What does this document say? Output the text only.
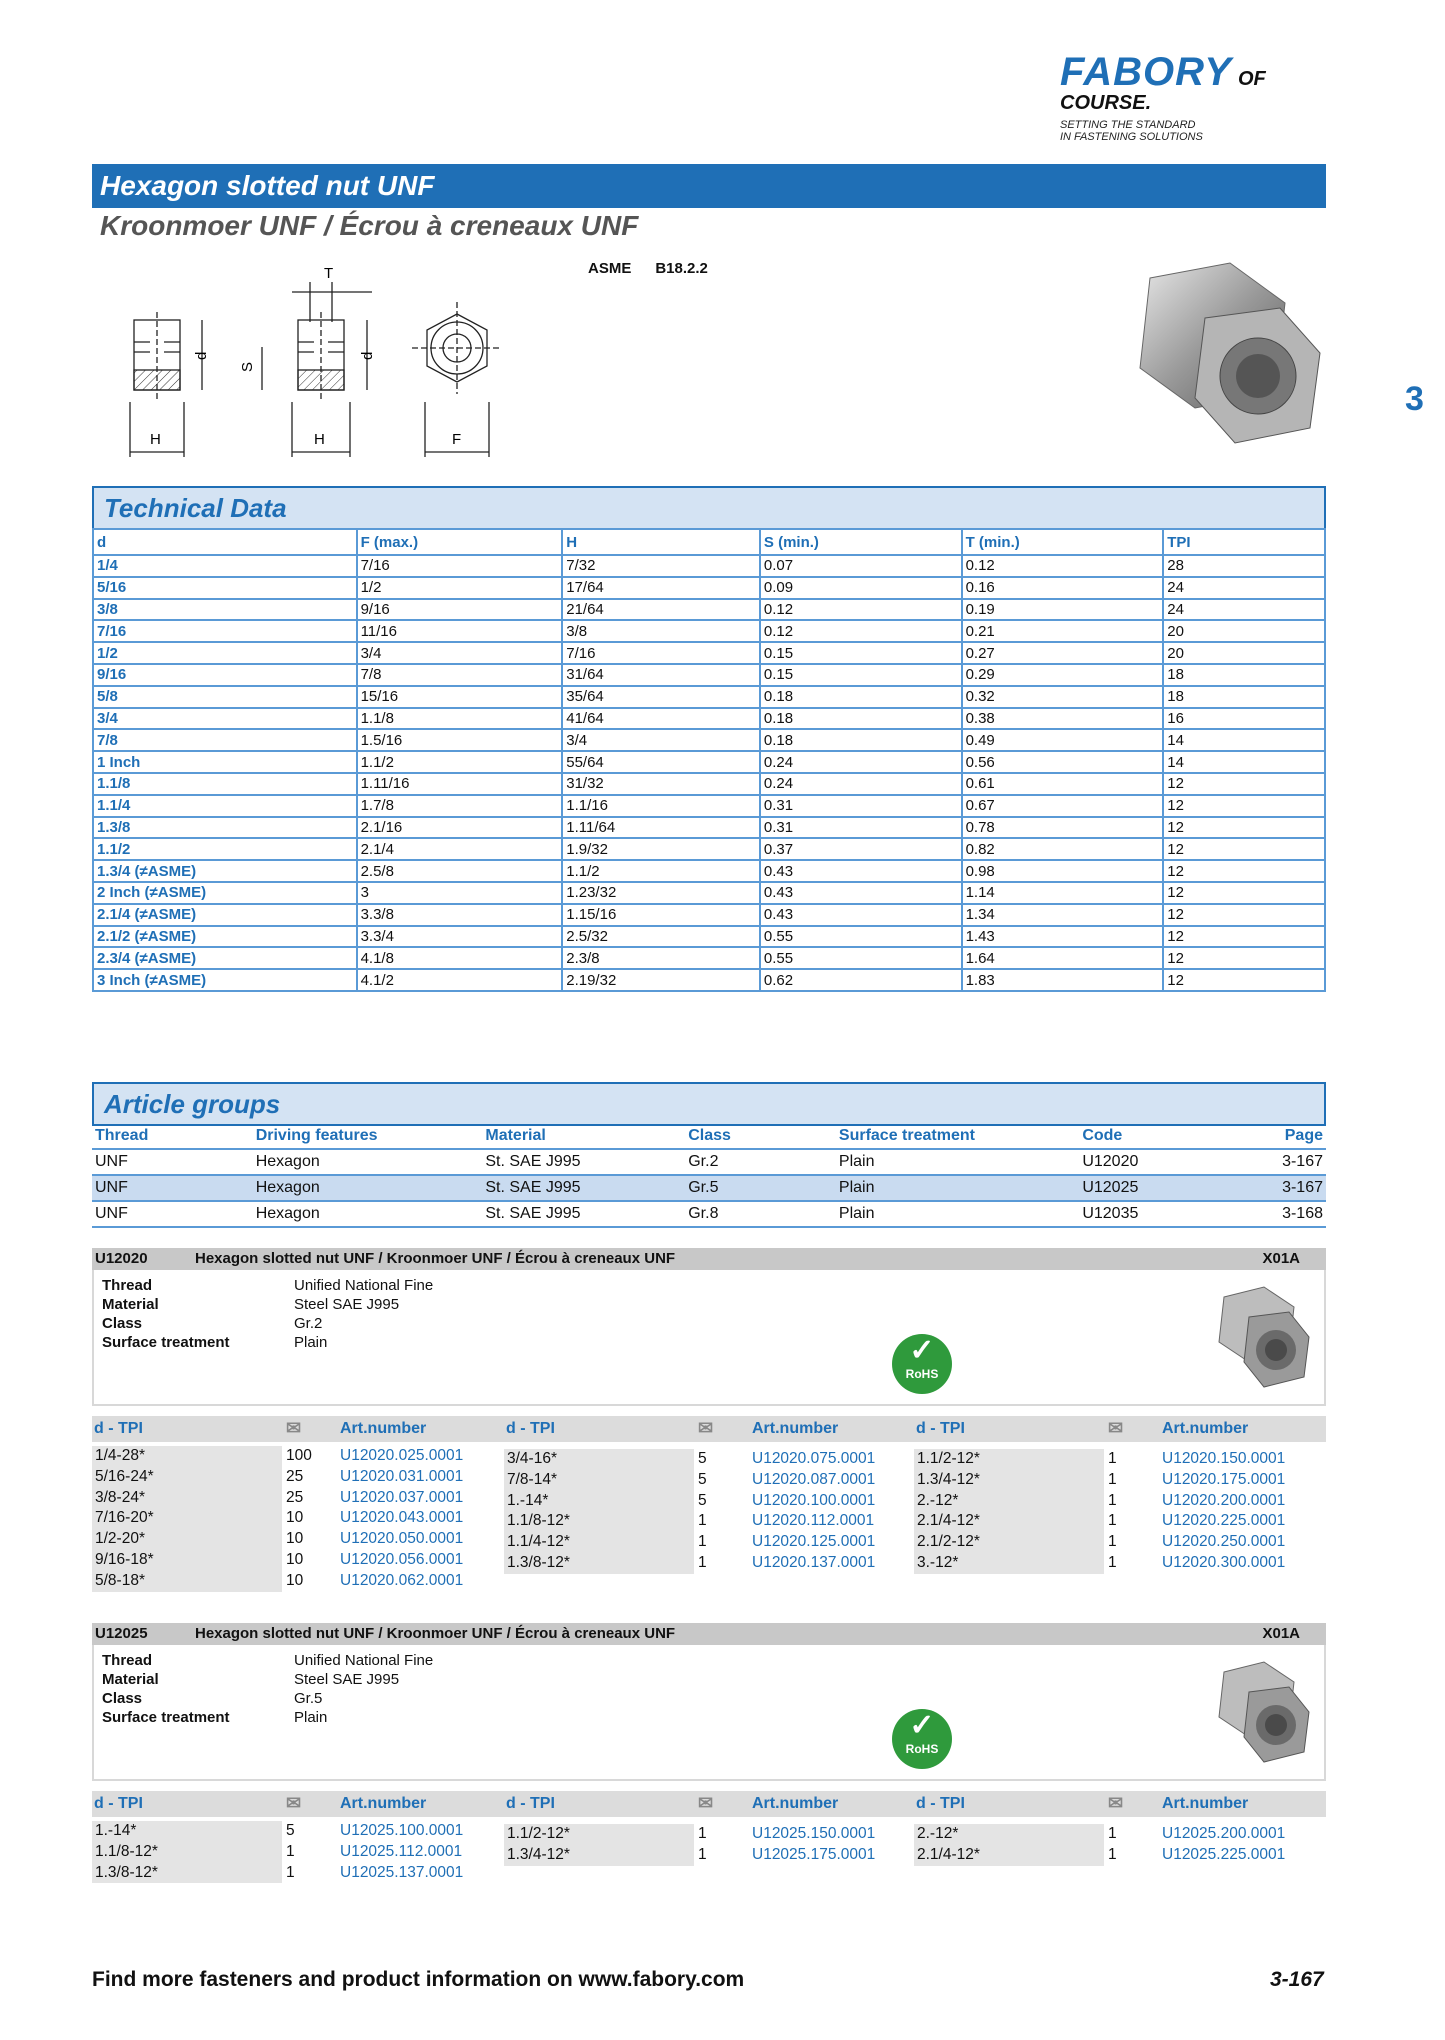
FABORY OF COURSE.
SETTING THE STANDARD
IN FASTENING SOLUTIONS
3
Hexagon slotted nut UNF
Kroonmoer UNF / Écrou à creneaux UNF
ASME B18.2.2
T
d
S
d
H	H	F
Technical Data
d	F (max.)	H	S (min.)	T (min.)	TPI
1/4	7/16	7/32	0.07	0.12	28
5/16	1/2	17/64	0.09	0.16	24
3/8	9/16	21/64	0.12	0.19	24
7/16	11/16	3/8	0.12	0.21	20
1/2	3/4	7/16	0.15	0.27	20
9/16	7/8	31/64	0.15	0.29	18
5/8	15/16	35/64	0.18	0.32	18
3/4	1.1/8	41/64	0.18	0.38	16
7/8	1.5/16	3/4	0.18	0.49	14
1 Inch	1.1/2	55/64	0.24	0.56	14
1.1/8	1.11/16	31/32	0.24	0.61	12
1.1/4	1.7/8	1.1/16	0.31	0.67	12
1.3/8	2.1/16	1.11/64	0.31	0.78	12
1.1/2	2.1/4	1.9/32	0.37	0.82	12
1.3/4 (≠ASME)	2.5/8	1.1/2	0.43	0.98	12
2 Inch (≠ASME)	3	1.23/32	0.43	1.14	12
2.1/4 (≠ASME)	3.3/8	1.15/16	0.43	1.34	12
2.1/2 (≠ASME)	3.3/4	2.5/32	0.55	1.43	12
2.3/4 (≠ASME)	4.1/8	2.3/8	0.55	1.64	12
3 Inch (≠ASME)	4.1/2	2.19/32	0.62	1.83	12
Article groups
Thread	Driving features	Material	Class	Surface treatment	Code	Page
UNF	Hexagon	St. SAE J995	Gr.2	Plain	U12020	3-167
UNF	Hexagon	St. SAE J995	Gr.5	Plain	U12025	3-167
UNF	Hexagon	St. SAE J995	Gr.8	Plain	U12035	3-168
U12020	Hexagon slotted nut UNF / Kroonmoer UNF / Écrou à creneaux UNF	X01A
Thread	Unified National Fine
Material	Steel SAE J995
Class	Gr.2
Surface treatment	Plain	✓
RoHS
d - TPI	✉ Art.number	d - TPI	✉ Art.number	d - TPI	✉ Art.number
1/4-28*	100	U12020.025.0001
5/16-24*	25	U12020.031.0001
3/8-24*	25	U12020.037.0001
7/16-20*	10	U12020.043.0001
1/2-20*	10	U12020.050.0001
9/16-18*	10	U12020.056.0001
5/8-18*	10	U12020.062.0001
3/4-16*	5	U12020.075.0001
7/8-14*	5	U12020.087.0001
1.-14*	5	U12020.100.0001
1.1/8-12*	1	U12020.112.0001
1.1/4-12*	1	U12020.125.0001
1.3/8-12*	1	U12020.137.0001
1.1/2-12*	1	U12020.150.0001
1.3/4-12*	1	U12020.175.0001
2.-12*	1	U12020.200.0001
2.1/4-12*	1	U12020.225.0001
2.1/2-12*	1	U12020.250.0001
3.-12*	1	U12020.300.0001
U12025	Hexagon slotted nut UNF / Kroonmoer UNF / Écrou à creneaux UNF	X01A
Thread	Unified National Fine
Material	Steel SAE J995
Class	Gr.5
Surface treatment	Plain	✓
RoHS
d - TPI	✉ Art.number	d - TPI	✉ Art.number	d - TPI	✉ Art.number
1.-14*	5	U12025.100.0001
1.1/8-12*	1	U12025.112.0001
1.3/8-12*	1	U12025.137.0001
1.1/2-12*	1	U12025.150.0001
1.3/4-12*	1	U12025.175.0001
2.-12*	1	U12025.200.0001
2.1/4-12*	1	U12025.225.0001
Find more fasteners and product information on www.fabory.com	3-167
